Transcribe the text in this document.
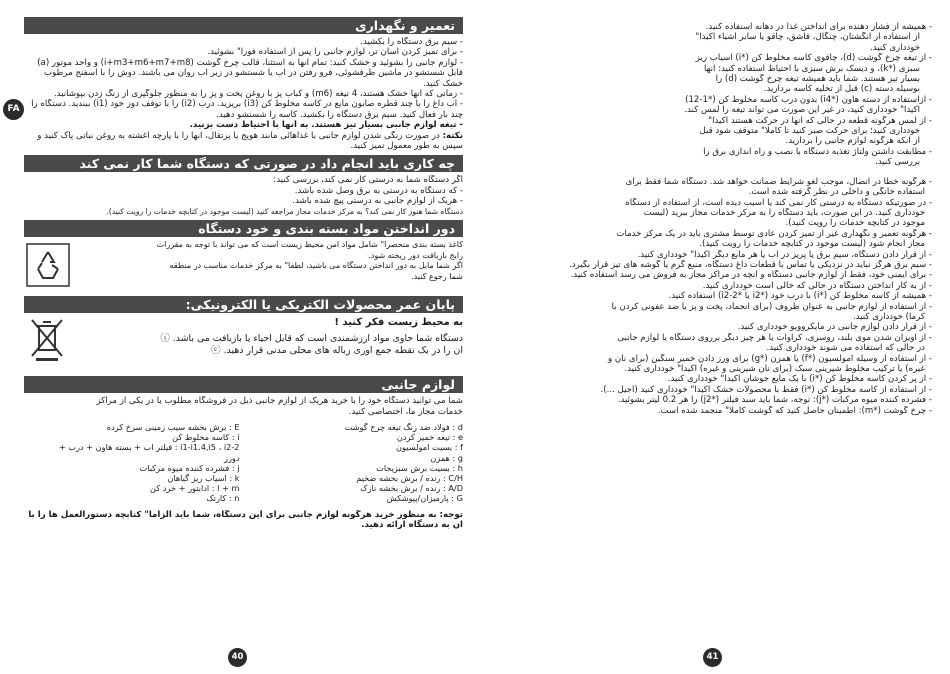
FA
تعمیر و نگهداری
- سیم برق دستگاه را بکشید.
- برای تمیز کردن آسان تر، لوازم جانبی را پس از استفاده فورا" بشوئید.
- لوازم جانبی را بشوئید و خشک کنید: تمام آنها به استثنا، قالب چرخ گوشت (i+m3+m6+m7+m8) و واحد موتور (a) قابل شستشو در ماشین ظرفشوئی، فرو رفتن در اب یا شستشو در زیر اب روان می باشند. دوش را با اسفنج مرطوب خشک کنید.
- زمانی که آنها خشک هستند، 4 تیغه (m6) و کباب پز با روغن پخت و پز را به منظور جلوگیری از زنگ زدن بپوشانید.
- آب داغ را با چند قطره صابون مایع در کاسه مخلوط کن (i3) بریزید. درب (i2) را با توقف دوز خود (i1) ببندید. دستگاه را چند بار فعال کنید. سیم برق دستگاه را بکشید. کاسه را شستشو دهید.
- تیغه لوازم جانبی بسیار تیز هستند. به آنها با احتیاط دست بزنید.

نکته: در صورت رنگی شدن لوازم جانبی با غذاهائی مانند هویج یا پرتقال، آنها را با پارچه آغشته به روغن نباتی پاک کنید و سپس به طور معمول تمیز کنید.

چه کاری باید انجام داد در صورتی که دستگاه شما کار نمی کند

اگر دستگاه شما به درستی کار نمی کند، بررسی کنید:

- که دستگاه به درستی به برق وصل شده باشد.
- هریک از لوازم جانبی به درستی پیچ شده باشد.

دستگاه شما هنوز کار نمی کند؟ به مرکز خدمات مجاز مراجعه کنید (لیست موجود در کتابچه خدمات را رویت کنید).

دور انداختن مواد بسته بندی و خود دستگاه

کاغذ بسته بندی منحصرا" شامل مواد امن محیط زیست است که می تواند با توجه به مقررات

رایج بازیافت دور ریخته شود.

اگر شما مایل به دور انداختن دستگاه می باشید، لطفا" به مرکز خدمات مناسب در منطقه

شما رجوع کنید.

پایان عمر محصولات الکتریکی یا الکترونیکی:

به محیط زیست فکر کنید !

دستگاه شما حاوی مواد ارزشمندی است که قابل احیاء یا بازیافت می باشد. ⓘ

ان را در یک نقطه جمع اوری زباله های محلی مدنی قرار دهید. ⓒ

لوازم جانبی

شما می توانید دستگاه خود را با خرید هریک از لوازم جانبی ذیل در فروشگاه مطلوب یا در یکی از مراکز

خدمات مجاز ما، اختصاصی کنید.

d : فولاد ضد زنگ تیغه چرخ گوشت
E : برش بخشه سیب زمینی سرخ کرده
e : تیغه خمیر کردن
i : کاسه مخلوط کن
f : بسیت امولسیون
i1-i1.4,i5 ، i2-2 : فیلتر اب + بسته هاون + درب +
g : همزن
دورز
h : بسیت برش سبزیجات
j : فشرده کننده میوه مرکبات
C/H : رنده / برش بخشه ضخیم
k : اسیاب ریز گیاهان
A/D : رنده / برش بخشه نازک
l + m : ادابتور + خرد کن
G : پارمیزان/پپوشکش
n : کارتک

توجه: به منظور خرید هرگونه لوازم جانبی برای این دستگاه، شما باید الزاما" کتابچه دستورالعمل ها را با ان به دستگاه ارائه دهید.

40
- همیشه از فشار دهنده برای انداختن غذا در دهانه استفاده کنید.
از استفاده از انگشتان، چنگال، قاشق، چاقو یا سایر اشیاء اکیدا"
خودداری کنید.
- از تیغه چرخ گوشت (d)، چاقوی کاسه مخلوط کن (*i) آسیاب ریز
سبزی (*k)، و دیسک برش سبزی با احتیاط استفاده کنید: آنها
بسیار تیز هستند. شما باید همیشه تیغه چرخ گوشت (d) را
بوسیله دسته (c) قبل از تخلیه کاسه بردارید.
- ازاستفاده از دسته هاون (*i4) بدون درب کاسه مخلوط کن (*1-12)
اکیدا" خودداری کنید، در غیر این صورت می تواند تیغه را لمس کند.
- از لمس هرگونه قطعه در حالی که آنها در حرکت هستند اکیدا"
خودداری کنید؛ برای حرکت صبر کنید تا کاملا" متوقف شود قبل
از آنکه هرگونه لوازم جانبی را بردارید.
- مطابقت داشتن ولتاژ تغذیه دستگاه با نصب و راه اندازی برق را
بررسی کنید.
- هرگونه خطا در اتصال، موجب لغو شرایط ضمانت خواهد شد. دستگاه شما فقط برای
استفاده خانگی و داخلی در نظر گرفته شده است.
- در صورتیکه دستگاه به درستی کار نمی کند یا اسیب دیده است، از استفاده از دستگاه
خودداری کنید. در این صورت، باید دستگاه را به مرکز خدمات مجاز ببرید (لیست
موجود در کتابچه خدمات را رویت کنید).
- هرگونه تعمیر و نگهداری غیر از تمیز کردن عادی توسط مشتری باید در یک مرکز خدمات
مجاز انجام شود (لیست موجود در کتابچه خدمات را رویت کنید).
- از قرار دادن دستگاه، سیم برق یا پریز در اب یا هر مایع دیگر اکیدا" خودداری کنید.
- سیم برق هرگز نباید در نزدیکی یا تماس با قطعات داغ دستگاه، منبع گرم یا گوشه های تیز قرار بگیرد.
- برای ایمنی خود، فقط از لوازم جانبی دستگاه و انچه در مراکز مجاز به فروش می رسد استفاده کنید.
- از به کار انداختن دستگاه در حالی که خالی است خودداری کنید.
- همیشه از کاسه مخلوط کن (*i) با درب خود (*i2 یا *i2-2) استفاده کنید.
- از استفاده از لوازم جانبی به عنوان ظروف (برای انجماد، پخت و پز یا ضد عفونی کردن با
کرما) خودداری کنید.
- از قرار دادن لوازم جانبی در مایکروویو خودداری کنید.
- از اویزان شدن موی بلند، روسری، کراوات یا هر چیز دیگر برروی دستگاه یا لوازم جانبی
در حالی که استفاده می شوند خودداری کنید.
- از استفاده از وسیله امولسیون (*f) یا همزن (*g) برای ورز دادن خمیر سنگین (برای نان و
غیره) یا ترکیب مخلوط شیرینی سبک (برای نان شیرینی و غیره) اکیدا" خودداری کنید.
- از پر کردن کاسه مخلوط کن (*i) با یک مایع جوشان اکیدا" خودداری کنید.
- از استفاده از کاسه مخلوط کن (*i) فقط با محصولات خشک اکیدا" خودداری کنید (اجیل ...).
- فشرده کننده میوه مرکبات (*j): توجه، شما باید سبد فیلتر (*j2) را هر 0.2 لیتر بشوئید.
- چرخ گوشت (*m): اطمینان حاصل کنید که گوشت کاملا" منجمد شده است.
41
